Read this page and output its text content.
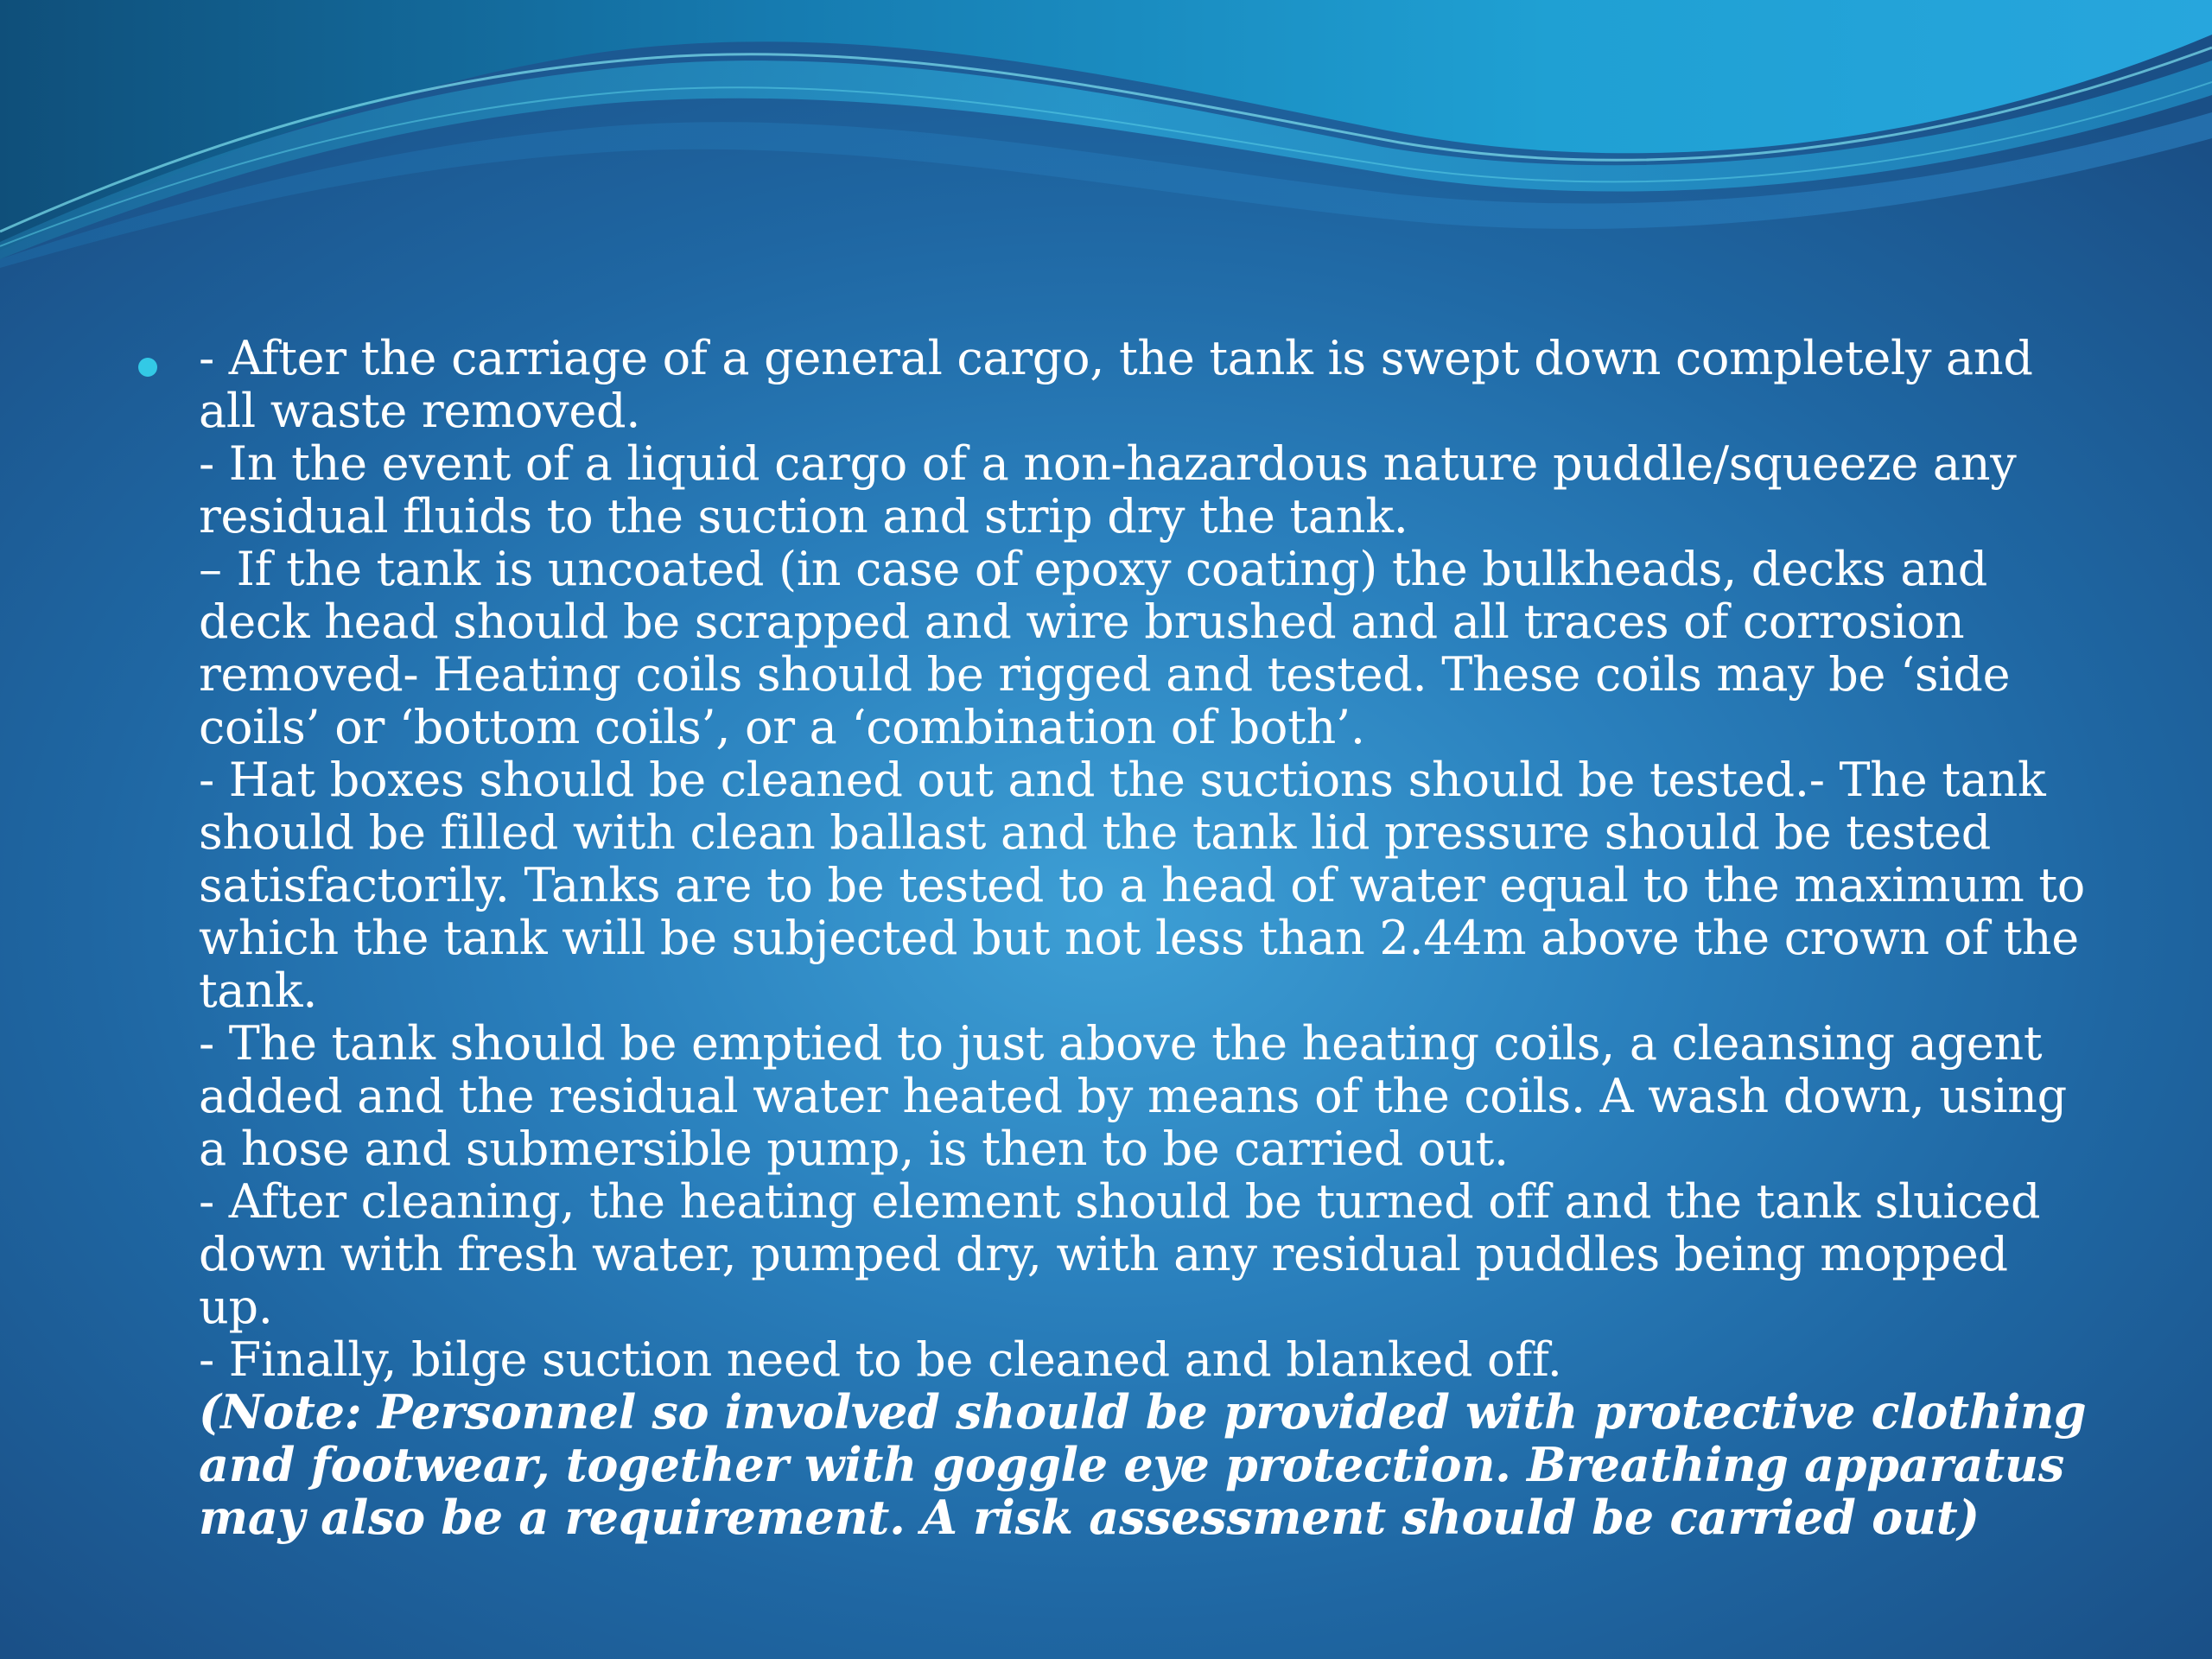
- After the carriage of a general cargo, the tank is swept down completely and all waste removed.
- In the event of a liquid cargo of a non-hazardous nature puddle/squeeze any residual fluids to the suction and strip dry the tank.
– If the tank is uncoated (in case of epoxy coating) the bulkheads, decks and deck head should be scrapped and wire brushed and all traces of corrosion removed- Heating coils should be rigged and tested. These coils may be ‘side coils’ or ‘bottom coils’, or a ‘combination of both’.
- Hat boxes should be cleaned out and the suctions should be tested.- The tank should be filled with clean ballast and the tank lid pressure should be tested satisfactorily. Tanks are to be tested to a head of water equal to the maximum to which the tank will be subjected but not less than 2.44m above the crown of the tank.
- The tank should be emptied to just above the heating coils, a cleansing agent added and the residual water heated by means of the coils. A wash down, using a hose and submersible pump, is then to be carried out.
- After cleaning, the heating element should be turned off and the tank sluiced down with fresh water, pumped dry, with any residual puddles being mopped up.
- Finally, bilge suction need to be cleaned and blanked off.
(Note: Personnel so involved should be provided with protective clothing and footwear, together with goggle eye protection. Breathing apparatus may also be a requirement. A risk assessment should be carried out)
